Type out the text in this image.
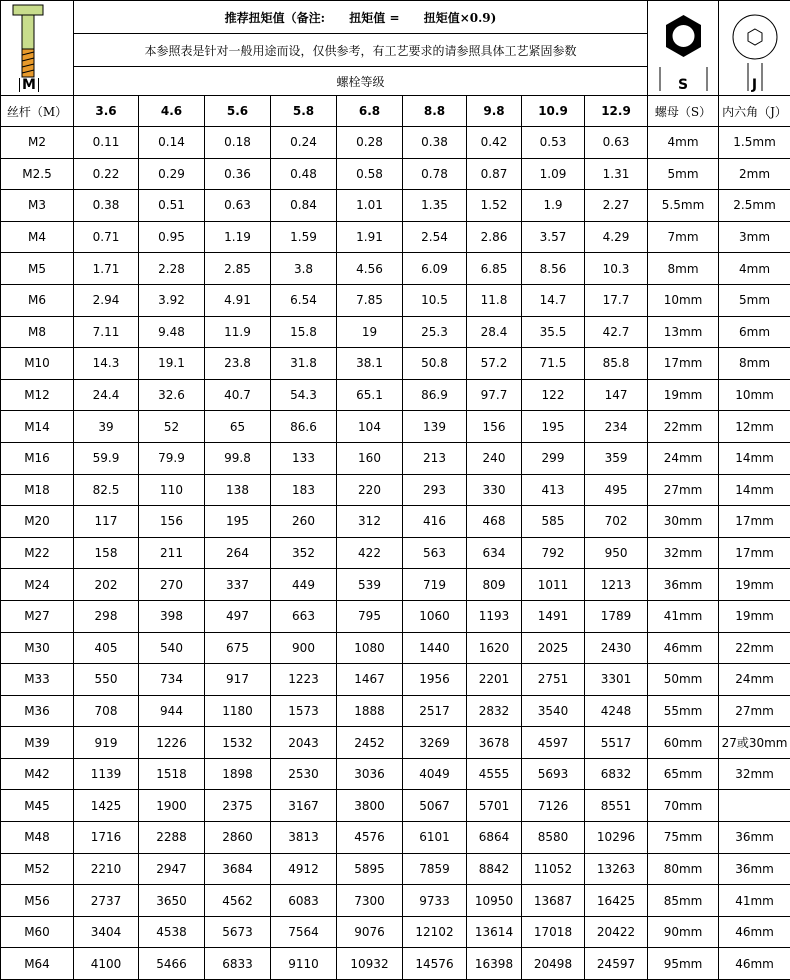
M	推荐扭矩值（备注: 扭矩值 = 扭矩值×0.9)									S	J

	本参照表是针对一般用途而设，仅供参考，有工艺要求的请参照具体工艺紧固参数										
	螺栓等级										
丝杆（M）	3.6	4.6	5.6	5.8	6.8	8.8	9.8	10.9	12.9	螺母（S）	内六角（J）
M2	0.11	0.14	0.18	0.24	0.28	0.38	0.42	0.53	0.63	4mm	1.5mm
M2.5	0.22	0.29	0.36	0.48	0.58	0.78	0.87	1.09	1.31	5mm	2mm
M3	0.38	0.51	0.63	0.84	1.01	1.35	1.52	1.9	2.27	5.5mm	2.5mm
M4	0.71	0.95	1.19	1.59	1.91	2.54	2.86	3.57	4.29	7mm	3mm
M5	1.71	2.28	2.85	3.8	4.56	6.09	6.85	8.56	10.3	8mm	4mm
M6	2.94	3.92	4.91	6.54	7.85	10.5	11.8	14.7	17.7	10mm	5mm
M8	7.11	9.48	11.9	15.8	19	25.3	28.4	35.5	42.7	13mm	6mm
M10	14.3	19.1	23.8	31.8	38.1	50.8	57.2	71.5	85.8	17mm	8mm
M12	24.4	32.6	40.7	54.3	65.1	86.9	97.7	122	147	19mm	10mm
M14	39	52	65	86.6	104	139	156	195	234	22mm	12mm
M16	59.9	79.9	99.8	133	160	213	240	299	359	24mm	14mm
M18	82.5	110	138	183	220	293	330	413	495	27mm	14mm
M20	117	156	195	260	312	416	468	585	702	30mm	17mm
M22	158	211	264	352	422	563	634	792	950	32mm	17mm
M24	202	270	337	449	539	719	809	1011	1213	36mm	19mm
M27	298	398	497	663	795	1060	1193	1491	1789	41mm	19mm
M30	405	540	675	900	1080	1440	1620	2025	2430	46mm	22mm
M33	550	734	917	1223	1467	1956	2201	2751	3301	50mm	24mm
M36	708	944	1180	1573	1888	2517	2832	3540	4248	55mm	27mm
M39	919	1226	1532	2043	2452	3269	3678	4597	5517	60mm	27或30mm
M42	1139	1518	1898	2530	3036	4049	4555	5693	6832	65mm	32mm
M45	1425	1900	2375	3167	3800	5067	5701	7126	8551	70mm	
M48	1716	2288	2860	3813	4576	6101	6864	8580	10296	75mm	36mm
M52	2210	2947	3684	4912	5895	7859	8842	11052	13263	80mm	36mm
M56	2737	3650	4562	6083	7300	9733	10950	13687	16425	85mm	41mm
M60	3404	4538	5673	7564	9076	12102	13614	17018	20422	90mm	46mm
M64	4100	5466	6833	9110	10932	14576	16398	20498	24597	95mm	46mm
